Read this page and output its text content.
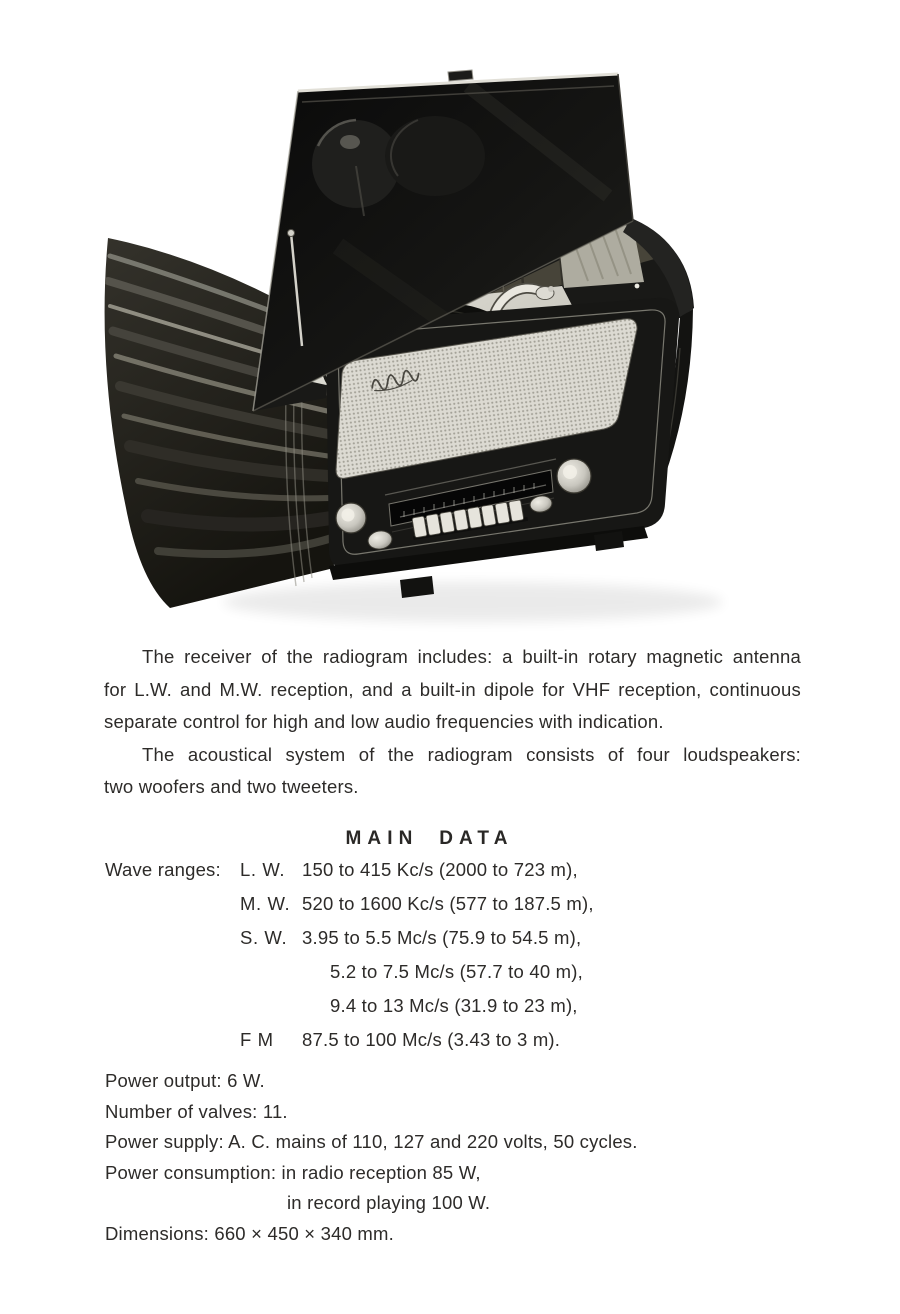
The receiver of the radiogram includes: a built-in rotary magnetic antenna
for L.W. and M.W. reception, and a built-in dipole for VHF reception, continuous
separate control for high and low audio frequencies with indication.
The acoustical system of the radiogram consists of four loudspeakers:
two woofers and two tweeters.
MAIN DATA
Wave ranges: L. W. 150 to 415 Kc/s (2000 to 723 m),
M. W. 520 to 1600 Kc/s (577 to 187.5 m),
S. W. 3.95 to 5.5 Mc/s (75.9 to 54.5 m),
5.2 to 7.5 Mc/s (57.7 to 40 m),
9.4 to 13 Mc/s (31.9 to 23 m),
F M 87.5 to 100 Mc/s (3.43 to 3 m).
Power output: 6 W.
Number of valves: 11.
Power supply: A. C. mains of 110, 127 and 220 volts, 50 cycles.
Power consumption: in radio reception 85 W,
in record playing 100 W.
Dimensions: 660 × 450 × 340 mm.
